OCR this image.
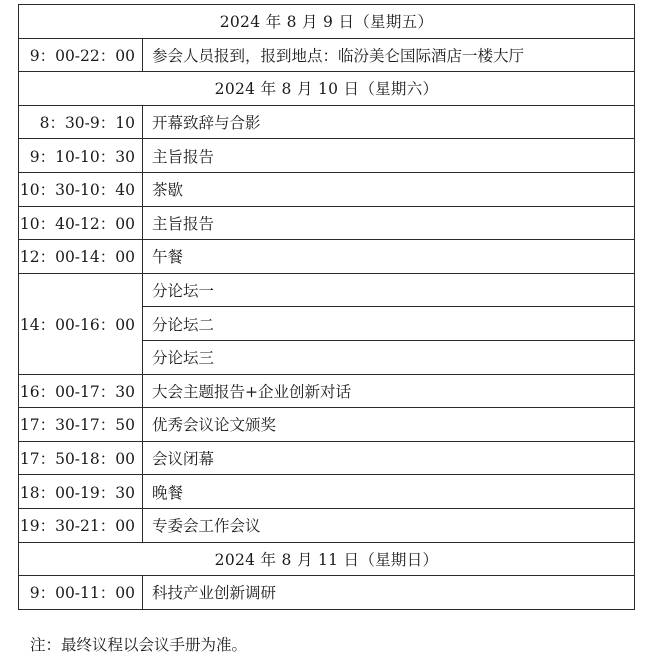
2024 年 8 月 9 日（星期五）	
9：00-22：00	参会人员报到，报到地点：临汾美仑国际酒店一楼大厅
2024 年 8 月 10 日（星期六）	
8：30-9：10	开幕致辞与合影
9：10-10：30	主旨报告
10：30-10：40	茶歇
10：40-12：00	主旨报告
12：00-14：00	午餐
14：00-16：00	分论坛一
	分论坛二
	分论坛三
16：00-17：30	大会主题报告+企业创新对话
17：30-17：50	优秀会议论文颁奖
17：50-18：00	会议闭幕
18：00-19：30	晚餐
19：30-21：00	专委会工作会议
2024 年 8 月 11 日（星期日）	
9：00-11：00	科技产业创新调研
注：最终议程以会议手册为准。
